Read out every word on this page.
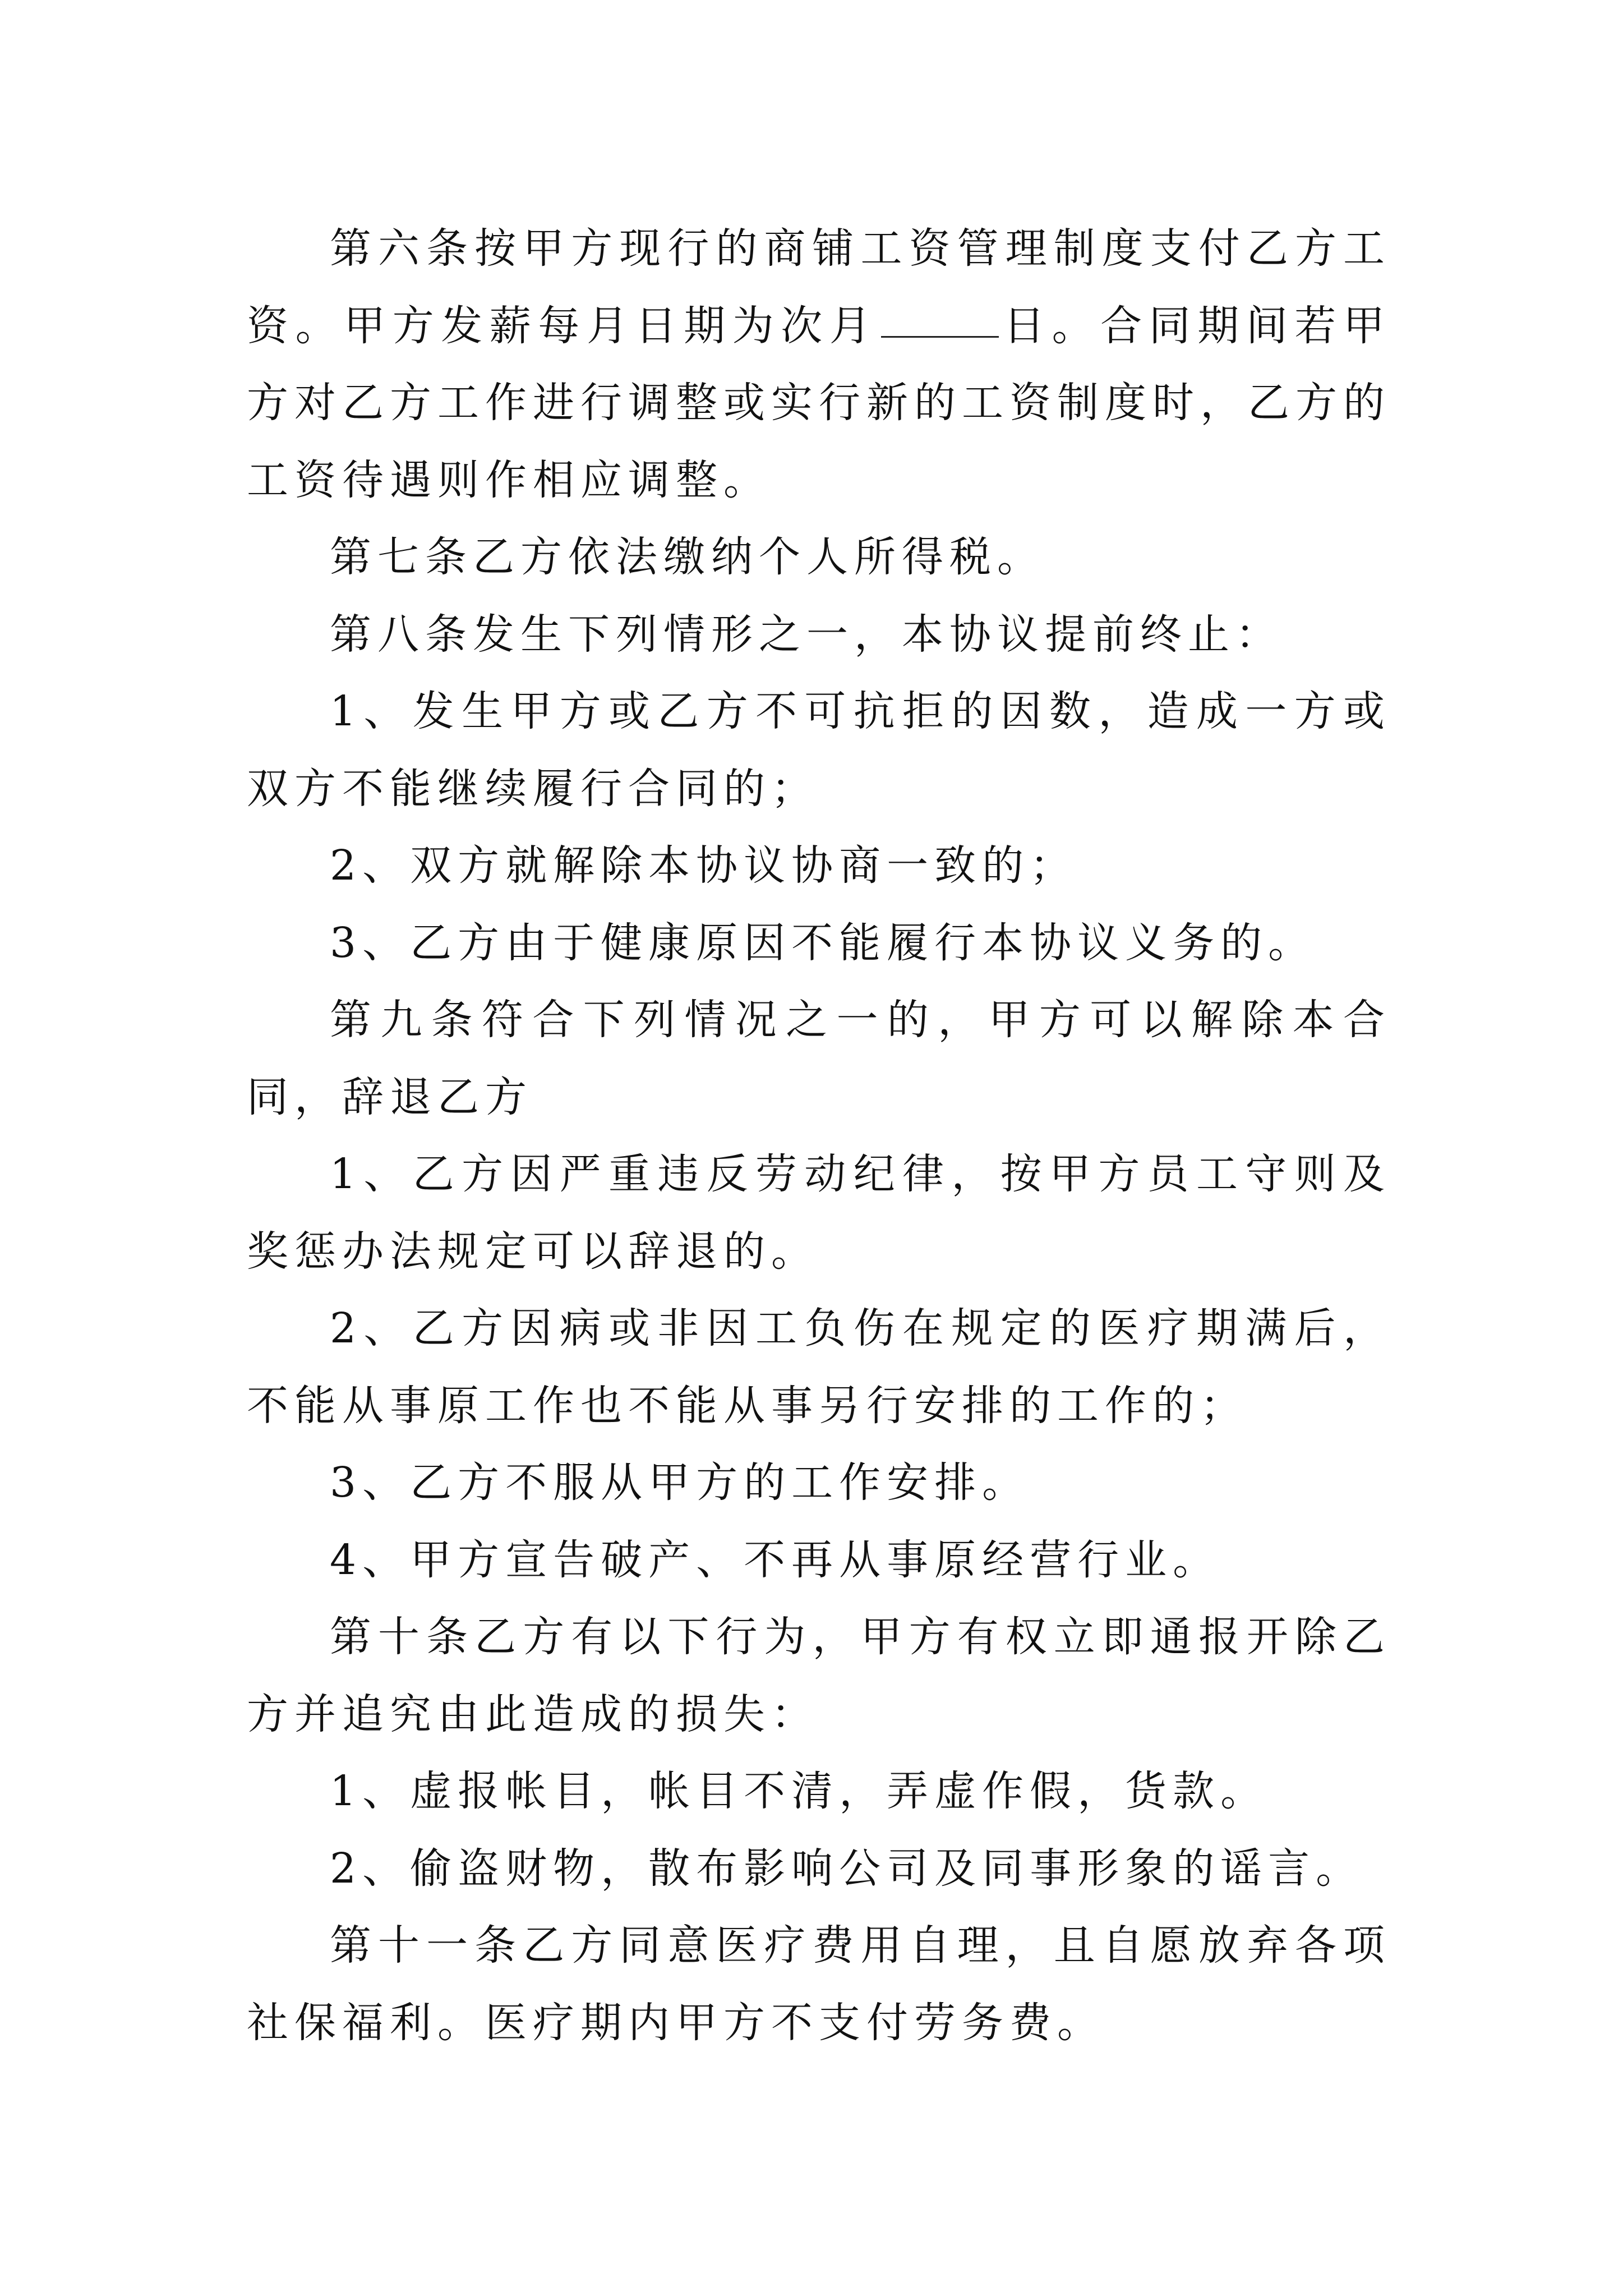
第六条按甲方现行的商铺工资管理制度支付乙方工资。甲方发薪每月日期为次月	日。合同期间若甲方对乙方工作进行调整或实行新的工资制度时，乙方的工资待遇则作相应调整。

第七条乙方依法缴纳个人所得税。

第八条发生下列情形之一，本协议提前终止：

1、发生甲方或乙方不可抗拒的因数，造成一方或双方不能继续履行合同的；

2、双方就解除本协议协商一致的；

3、乙方由于健康原因不能履行本协议义务的。

第九条符合下列情况之一的，甲方可以解除本合同，辞退乙方

1、乙方因严重违反劳动纪律，按甲方员工守则及奖惩办法规定可以辞退的。

2、乙方因病或非因工负伤在规定的医疗期满后，不能从事原工作也不能从事另行安排的工作的；

3、乙方不服从甲方的工作安排。

4、甲方宣告破产、不再从事原经营行业。

第十条乙方有以下行为，甲方有权立即通报开除乙方并追究由此造成的损失：

1、虚报帐目，帐目不清，弄虚作假，货款。

2、偷盗财物，散布影响公司及同事形象的谣言。

第十一条乙方同意医疗费用自理，且自愿放弃各项社保福利。医疗期内甲方不支付劳务费。
